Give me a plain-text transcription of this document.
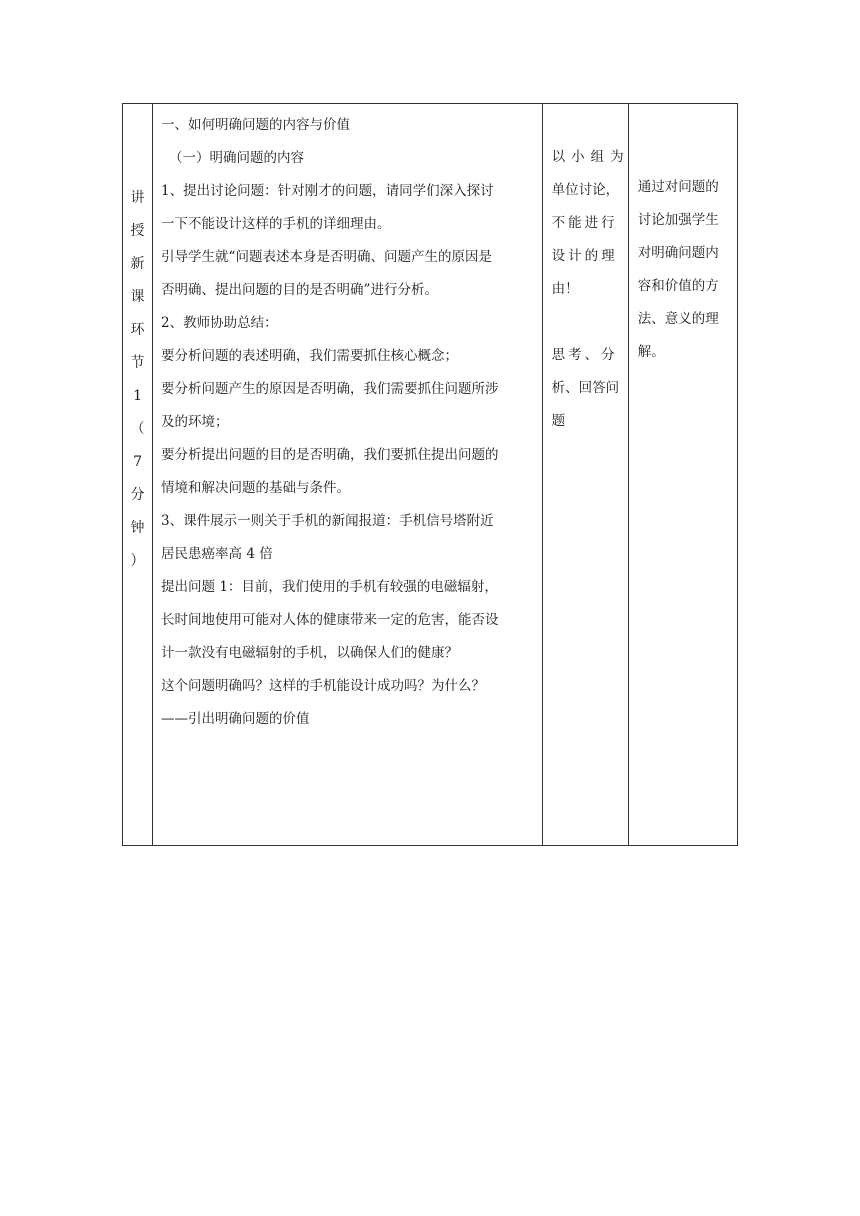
讲
授
新
课
环
节
1
（
7
分
钟
）

一、如何明确问题的内容与价值
（一）明确问题的内容
1、提出讨论问题：针对刚才的问题，请同学们深入探讨
一下不能设计这样的手机的详细理由。
引导学生就“问题表述本身是否明确、问题产生的原因是
否明确、提出问题的目的是否明确”进行分析。
2、教师协助总结：
要分析问题的表述明确，我们需要抓住核心概念；
要分析问题产生的原因是否明确，我们需要抓住问题所涉
及的环境；
要分析提出问题的目的是否明确，我们要抓住提出问题的
情境和解决问题的基础与条件。
3、课件展示一则关于手机的新闻报道：手机信号塔附近
居民患癌率高 4 倍
提出问题 1：目前，我们使用的手机有较强的电磁辐射，
长时间地使用可能对人体的健康带来一定的危害，能否设
计一款没有电磁辐射的手机，以确保人们的健康？
这个问题明确吗？这样的手机能设计成功吗？为什么？
——引出明确问题的价值

以小组为
单位讨论，
不能进行
设计的理
由！
思考、分
析、回答问
题

通过对问题的
讨论加强学生
对明确问题内
容和价值的方
法、意义的理
解。
